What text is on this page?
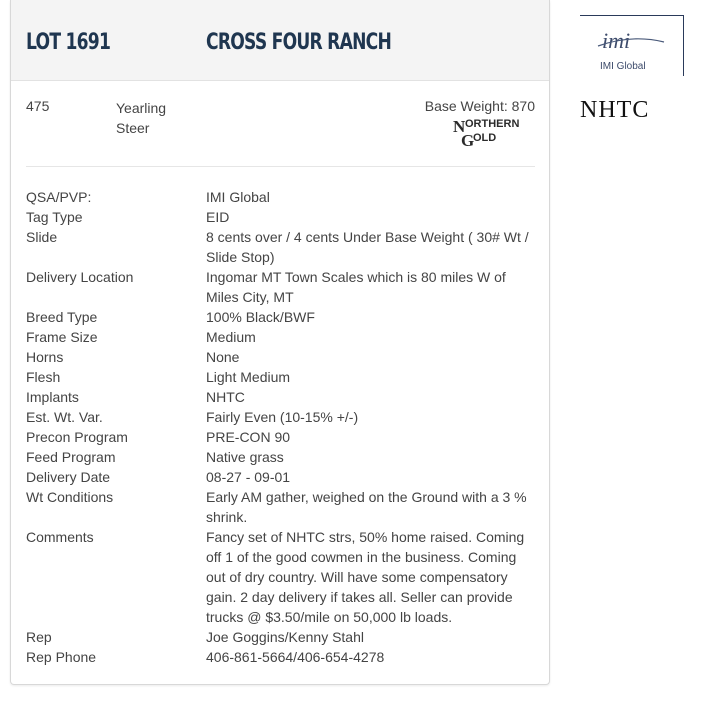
LOT 1691	CROSS FOUR RANCH
475	Yearling Steer
Base Weight: 870
N ORTHERN
G
OLD
QSA/PVP:	IMI Global
Tag Type	EID
Slide	8 cents over / 4 cents Under Base Weight ( 30# Wt / Slide Stop)
Delivery Location	Ingomar MT Town Scales which is 80 miles W of Miles City, MT
Breed Type	100% Black/BWF
Frame Size	Medium
Horns	None
Flesh	Light Medium
Implants	NHTC
Est. Wt. Var.	Fairly Even (10-15% +/-)
Precon Program	PRE-CON 90
Feed Program	Native grass
Delivery Date	08-27 - 09-01
Wt Conditions	Early AM gather, weighed on the Ground with a 3 % shrink.
Comments	Fancy set of NHTC strs, 50% home raised. Coming off 1 of the good cowmen in the business. Coming out of dry country. Will have some compensatory gain. 2 day delivery if takes all. Seller can provide trucks @ $3.50/mile on 50,000 lb loads.
Rep	Joe Goggins/Kenny Stahl
Rep Phone	406-861-5664/406-654-4278
imi
IMI Global
NHTC
